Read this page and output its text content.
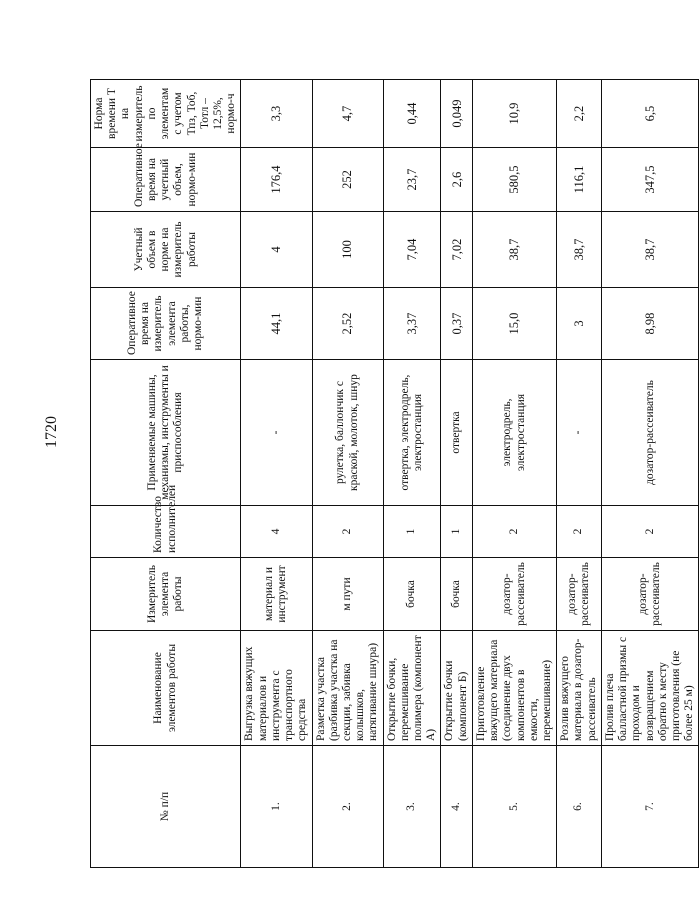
1720
№ п/п	Наименование элементов работы	Измеритель элемента работы	Количество исполнителей	Применяемые машины, механизмы, инструменты и приспособления	Оперативное время на измеритель элемента работы, нормо-мин	Учетный объем в норме на измеритель работы	Оперативное время на учетный объем, нормо-мин	Норма времени Т на измеритель по элементам с учетом Тпз, Тоб, Тотл – 12,5%, нормо-ч
1.	Выгрузка вяжущих материалов и инструмента с транспортного средства	материал и инструмент	4	-	44,1	4	176,4	3,3
2.	Разметка участка (разбивка участка на секции, забивка колышков, натягивание шнура)	м пути	2	рулетка, баллончик с краской, молоток, шнур	2,52	100	252	4,7
3.	Открытие бочки, перемешивание полимера (компонент А)	бочка	1	отвертка, электродрель, электростанция	3,37	7,04	23,7	0,44
4.	Открытие бочки (компонент Б)	бочка	1	отвертка	0,37	7,02	2,6	0,049
5.	Приготовление вяжущего материала (соединение двух компонентов в емкости, перемешивание)	дозатор-рассеиватель	2	электродрель, электростанция	15,0	38,7	580,5	10,9
6.	Розлив вяжущего материала в дозатор-рассеиватель	дозатор-рассеиватель	2	-	3	38,7	116,1	2,2
7.	Пролив плеча балластной призмы с проходом и возвращением обратно к месту приготовления (не более 25 м)	дозатор-рассеиватель	2	дозатор-рассеиватель	8,98	38,7	347,5	6,5
